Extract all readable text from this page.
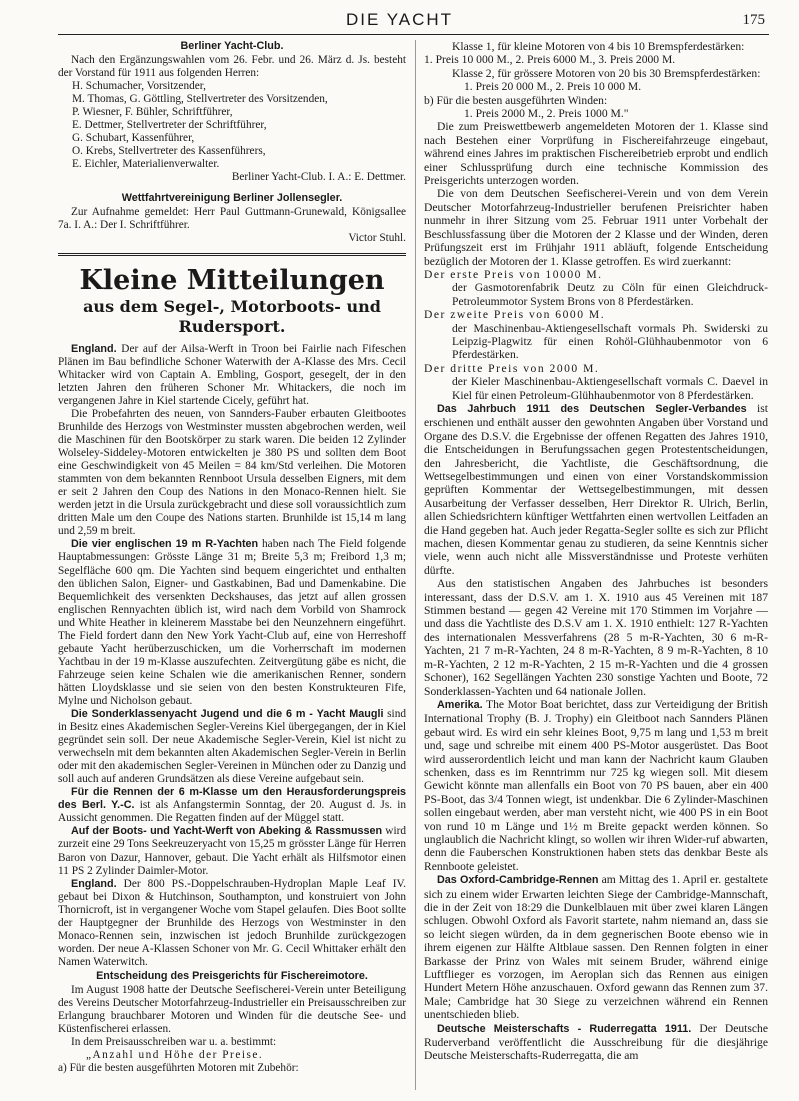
DIE YACHT	175
Berliner Yacht-Club.

Nach den Ergänzungswahlen vom 26. Febr. und 26. März d. Js. besteht der Vorstand für 1911 aus folgenden Herren:

H. Schumacher, Vorsitzender,

M. Thomas, G. Göttling, Stellvertreter des Vorsitzenden,

P. Wiesner, F. Bühler, Schriftführer,

E. Dettmer, Stellvertreter der Schriftführer,

G. Schubart, Kassenführer,

O. Krebs, Stellvertreter des Kassenführers,

E. Eichler, Materialienverwalter.

Berliner Yacht-Club. I. A.: E. Dettmer.

Wettfahrtvereinigung Berliner Jollensegler.

Zur Aufnahme gemeldet: Herr Paul Guttmann-Grunewald, Königsallee 7a. I. A.: Der I. Schriftführer.

Victor Stuhl.

Kleine Mitteilungen
aus dem Segel-, Motorboots- und Rudersport.

England. Der auf der Ailsa-Werft in Troon bei Fairlie nach Fifeschen Plänen im Bau befindliche Schoner Waterwith der A-Klasse des Mrs. Cecil Whitacker wird von Captain A. Embling, Gosport, gesegelt, der in den letzten Jahren den früheren Schoner Mr. Whitackers, die noch im vergangenen Jahre in Kiel startende Cicely, geführt hat.

Die Probefahrten des neuen, von Sannders-Fauber erbauten Gleitbootes Brunhilde des Herzogs von Westminster mussten abgebrochen werden, weil die Maschinen für den Bootskörper zu stark waren. Die beiden 12 Zylinder Wolseley-Siddeley-Motoren entwickelten je 380 PS und sollten dem Boot eine Geschwindigkeit von 45 Meilen = 84 km/Std verleihen. Die Motoren stammten von dem bekannten Rennboot Ursula desselben Eigners, mit dem er seit 2 Jahren den Coup des Nations in den Monaco-Rennen hielt. Sie werden jetzt in die Ursula zurückgebracht und diese soll voraussichtlich zum dritten Male um den Coupe des Nations starten. Brunhilde ist 15,14 m lang und 2,59 m breit.

Die vier englischen 19 m R-Yachten haben nach The Field folgende Hauptabmessungen: Grösste Länge 31 m; Breite 5,3 m; Freibord 1,3 m; Segelfläche 600 qm. Die Yachten sind bequem eingerichtet und enthalten den üblichen Salon, Eigner- und Gastkabinen, Bad und Damenkabine. Die Bequemlichkeit des versenkten Deckshauses, das jetzt auf allen grossen englischen Rennyachten üblich ist, wird nach dem Vorbild von Shamrock und White Heather in kleinerem Masstabe bei den Neunzehnern eingeführt. The Field fordert dann den New York Yacht-Club auf, eine von Herreshoff gebaute Yacht herüberzuschicken, um die Vorherrschaft im modernen Yachtbau in der 19 m-Klasse auszufechten. Zeitvergütung gäbe es nicht, die Fahrzeuge seien keine Schalen wie die amerikanischen Renner, sondern hätten Lloydsklasse und sie seien von den besten Konstrukteuren Fife, Mylne und Nicholson gebaut.

Die Sonderklassenyacht Jugend und die 6 m - Yacht Maugli sind in Besitz eines Akademischen Segler-Vereins Kiel übergegangen, der in Kiel gegründet sein soll. Der neue Akademische Segler-Verein, Kiel ist nicht zu verwechseln mit dem bekannten alten Akademischen Segler-Verein in Berlin oder mit den akademischen Segler-Vereinen in München oder zu Danzig und soll auch auf anderen Grundsätzen als diese Vereine aufgebaut sein.

Für die Rennen der 6 m-Klasse um den Herausforderungspreis des Berl. Y.-C. ist als Anfangstermin Sonntag, der 20. August d. Js. in Aussicht genommen. Die Regatten finden auf der Müggel statt.

Auf der Boots- und Yacht-Werft von Abeking & Rassmussen wird zurzeit eine 29 Tons Seekreuzeryacht von 15,25 m grösster Länge für Herren Baron von Dazur, Hannover, gebaut. Die Yacht erhält als Hilfsmotor einen 11 PS 2 Zylinder Daimler-Motor.

England. Der 800 PS.-Doppelschrauben-Hydroplan Maple Leaf IV. gebaut bei Dixon & Hutchinson, Southampton, und konstruiert von John Thornicroft, ist in vergangener Woche vom Stapel gelaufen. Dies Boot sollte der Hauptgegner der Brunhilde des Herzogs von Westminster in den Monaco-Rennen sein, inzwischen ist jedoch Brunhilde zurückgezogen worden. Der neue A-Klassen Schoner von Mr. G. Cecil Whittaker erhält den Namen Waterwitch.

Entscheidung des Preisgerichts für Fischereimotore.

Im August 1908 hatte der Deutsche Seefischerei-Verein unter Beteiligung des Vereins Deutscher Motorfahrzeug-Industrieller ein Preisausschreiben zur Erlangung brauchbarer Motoren und Winden für die deutsche See- und Küstenfischerei erlassen.

In dem Preisausschreiben war u. a. bestimmt:

„Anzahl und Höhe der Preise.

a) Für die besten ausgeführten Motoren mit Zubehör:

Klasse 1, für kleine Motoren von 4 bis 10 Bremspferdestärken:

1. Preis 10 000 M., 2. Preis 6000 M., 3. Preis 2000 M.

Klasse 2, für grössere Motoren von 20 bis 30 Bremspferdestärken:

1. Preis 20 000 M., 2. Preis 10 000 M.

b) Für die besten ausgeführten Winden:

1. Preis 2000 M., 2. Preis 1000 M."

Die zum Preiswettbewerb angemeldeten Motoren der 1. Klasse sind nach Bestehen einer Vorprüfung in Fischereifahrzeuge eingebaut, während eines Jahres im praktischen Fischereibetrieb erprobt und endlich einer Schlussprüfung durch eine technische Kommission des Preisgerichts unterzogen worden.

Die von dem Deutschen Seefischerei-Verein und von dem Verein Deutscher Motorfahrzeug-Industrieller berufenen Preisrichter haben nunmehr in ihrer Sitzung vom 25. Februar 1911 unter Vorbehalt der Beschlussfassung über die Motoren der 2 Klasse und der Winden, deren Prüfungszeit erst im Frühjahr 1911 abläuft, folgende Entscheidung bezüglich der Motoren der 1. Klasse getroffen. Es wird zuerkannt:

Der erste Preis von 10000 M.

der Gasmotorenfabrik Deutz zu Cöln für einen Gleichdruck-Petroleummotor System Brons von 8 Pferdestärken.

Der zweite Preis von 6000 M.

der Maschinenbau-Aktiengesellschaft vormals Ph. Swiderski zu Leipzig-Plagwitz für einen Rohöl-Glühhaubenmotor von 6 Pferdestärken.

Der dritte Preis von 2000 M.

der Kieler Maschinenbau-Aktiengesellschaft vormals C. Daevel in Kiel für einen Petroleum-Glühhaubenmotor von 8 Pferdestärken.

Das Jahrbuch 1911 des Deutschen Segler-Verbandes ist erschienen und enthält ausser den gewohnten Angaben über Vorstand und Organe des D.S.V. die Ergebnisse der offenen Regatten des Jahres 1910, die Entscheidungen in Berufungssachen gegen Protestentscheidungen, den Jahresbericht, die Yachtliste, die Geschäftsordnung, die Wettsegelbestimmungen und einen von einer Vorstandskommission geprüften Kommentar der Wettsegelbestimmungen, mit dessen Ausarbeitung der Verfasser desselben, Herr Direktor R. Ulrich, Berlin, allen Schiedsrichtern künftiger Wettfahrten einen wertvollen Leitfaden an die Hand gegeben hat. Auch jeder Regatta-Segler sollte es sich zur Pflicht machen, diesen Kommentar genau zu studieren, da seine Kenntnis sicher viele, wenn auch nicht alle Missverständnisse und Proteste verhüten dürfte.

Aus den statistischen Angaben des Jahrbuches ist besonders interessant, dass der D.S.V. am 1. X. 1910 aus 45 Vereinen mit 187 Stimmen bestand — gegen 42 Vereine mit 170 Stimmen im Vorjahre — und dass die Yachtliste des D.S.V am 1. X. 1910 enthielt: 127 R-Yachten des internationalen Messverfahrens (28 5 m-R-Yachten, 30 6 m-R-Yachten, 21 7 m-R-Yachten, 24 8 m-R-Yachten, 8 9 m-R-Yachten, 8 10 m-R-Yachten, 2 12 m-R-Yachten, 2 15 m-R-Yachten und die 4 grossen Schoner), 162 Segellängen Yachten 230 sonstige Yachten und Boote, 72 Sonderklassen-Yachten und 64 nationale Jollen.

Amerika. The Motor Boat berichtet, dass zur Verteidigung der British International Trophy (B. J. Trophy) ein Gleitboot nach Sannders Plänen gebaut wird. Es wird ein sehr kleines Boot, 9,75 m lang und 1,53 m breit und, sage und schreibe mit einem 400 PS-Motor ausgerüstet. Das Boot wird ausserordentlich leicht und man kann der Nachricht kaum Glauben schenken, dass es im Renntrimm nur 725 kg wiegen soll. Mit diesem Gewicht könnte man allenfalls ein Boot von 70 PS bauen, aber ein 400 PS-Boot, das 3/4 Tonnen wiegt, ist undenkbar. Die 6 Zylinder-Maschinen sollen eingebaut werden, aber man versteht nicht, wie 400 PS in ein Boot von rund 10 m Länge und 1½ m Breite gepackt werden können. So unglaublich die Nachricht klingt, so wollen wir ihren Wider-ruf abwarten, denn die Fauberschen Konstruktionen haben stets das denkbar Beste als Rennboote geleistet.

Das Oxford-Cambridge-Rennen am Mittag des 1. April er. gestaltete sich zu einem wider Erwarten leichten Siege der Cambridge-Mannschaft, die in der Zeit von 18:29 die Dunkelblauen mit über zwei klaren Längen schlugen. Obwohl Oxford als Favorit startete, nahm niemand an, dass sie so leicht siegen würden, da in dem gegnerischen Boote ebenso wie in ihrem eigenen zur Hälfte Altblaue sassen. Den Rennen folgten in einer Barkasse der Prinz von Wales mit seinem Bruder, während einige Luftflieger es vorzogen, im Aeroplan sich das Rennen aus einigen Hundert Metern Höhe anzuschauen. Oxford gewann das Rennen zum 37. Male; Cambridge hat 30 Siege zu verzeichnen während ein Rennen unentschieden blieb.

Deutsche Meisterschafts - Ruderregatta 1911. Der Deutsche Ruderverband veröffentlicht die Ausschreibung für die diesjährige Deutsche Meisterschafts-Ruderregatta, die am
